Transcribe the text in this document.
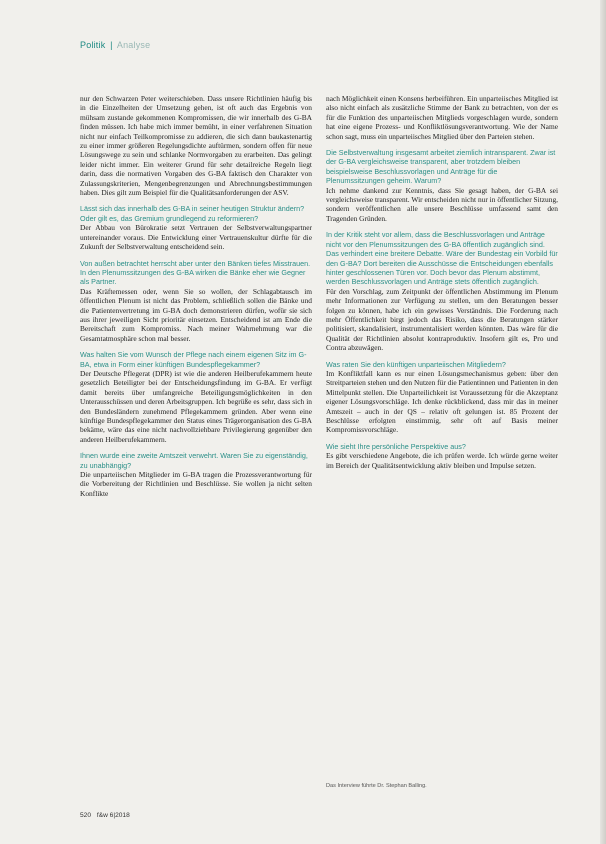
Politik | Analyse

nur den Schwarzen Peter weiterschieben. Dass unsere Richtlinien häufig bis in die Einzelheiten der Umsetzung gehen, ist oft auch das Ergebnis von mühsam zustande gekommenen Kompromissen, die wir innerhalb des G-BA finden müssen. Ich habe mich immer bemüht, in einer verfahrenen Situation nicht nur einfach Teilkompromisse zu addieren, die sich dann baukastenartig zu einer immer größeren Regelungsdichte auftürmen, sondern offen für neue Lösungswege zu sein und schlanke Normvorgaben zu erarbeiten. Das gelingt leider nicht immer. Ein weiterer Grund für sehr detailreiche Regeln liegt darin, dass die normativen Vorgaben des G-BA faktisch den Charakter von Zulassungskriterien, Mengenbegrenzungen und Abrechnungsbestimmungen haben. Dies gilt zum Beispiel für die Qualitätsanforderungen der ASV.

Lässt sich das innerhalb des G-BA in seiner heutigen Struktur ändern? Oder gilt es, das Gremium grundlegend zu reformieren?

Der Abbau von Bürokratie setzt Vertrauen der Selbstverwaltungspartner untereinander voraus. Die Entwicklung einer Vertrauenskultur dürfte für die Zukunft der Selbstverwaltung entscheidend sein.

Von außen betrachtet herrscht aber unter den Bänken tiefes Misstrauen. In den Plenumssitzungen des G-BA wirken die Bänke eher wie Gegner als Partner.

Das Kräftemessen oder, wenn Sie so wollen, der Schlagabtausch im öffentlichen Plenum ist nicht das Problem, schließlich sollen die Bänke und die Patientenvertretung im G-BA doch demonstrieren dürfen, wofür sie sich aus ihrer jeweiligen Sicht prioritär einsetzen. Entscheidend ist am Ende die Bereitschaft zum Kompromiss. Nach meiner Wahrnehmung war die Gesamtatmosphäre schon mal besser.

Was halten Sie vom Wunsch der Pflege nach einem eigenen Sitz im G-BA, etwa in Form einer künftigen Bundespflegekammer?

Der Deutsche Pflegerat (DPR) ist wie die anderen Heilberufekammern heute gesetzlich Beteiligter bei der Entscheidungsfindung im G-BA. Er verfügt damit bereits über umfangreiche Beteiligungsmöglichkeiten in den Unterausschüssen und deren Arbeitsgruppen. Ich begrüße es sehr, dass sich in den Bundesländern zunehmend Pflegekammern gründen. Aber wenn eine künftige Bundespflegekammer den Status eines Trägerorganisation des G-BA bekäme, wäre das eine nicht nachvollziehbare Privilegierung gegenüber den anderen Heilberufekammern.

Ihnen wurde eine zweite Amtszeit verwehrt. Waren Sie zu eigenständig, zu unabhängig?

Die unparteiischen Mitglieder im G-BA tragen die Prozessverantwortung für die Vorbereitung der Richtlinien und Beschlüsse. Sie wollen ja nicht selten Konflikte

nach Möglichkeit einen Konsens herbeiführen. Ein unparteiisches Mitglied ist also nicht einfach als zusätzliche Stimme der Bank zu betrachten, von der es für die Funktion des unparteiischen Mitglieds vorgeschlagen wurde, sondern hat eine eigene Prozess- und Konfliktlösungsverantwortung. Wie der Name schon sagt, muss ein unparteiisches Mitglied über den Parteien stehen.

Die Selbstverwaltung insgesamt arbeitet ziemlich intransparent. Zwar ist der G-BA vergleichsweise transparent, aber trotzdem bleiben beispielsweise Beschlussvorlagen und Anträge für die Plenumssitzungen geheim. Warum?

Ich nehme dankend zur Kenntnis, dass Sie gesagt haben, der G-BA sei vergleichsweise transparent. Wir entscheiden nicht nur in öffentlicher Sitzung, sondern veröffentlichen alle unsere Beschlüsse umfassend samt den Tragenden Gründen.

In der Kritik steht vor allem, dass die Beschlussvorlagen und Anträge nicht vor den Plenumssitzungen des G-BA öffentlich zugänglich sind. Das verhindert eine breitere Debatte. Wäre der Bundestag ein Vorbild für den G-BA? Dort bereiten die Ausschüsse die Entscheidungen ebenfalls hinter geschlossenen Türen vor. Doch bevor das Plenum abstimmt, werden Beschlussvorlagen und Anträge stets öffentlich zugänglich.

Für den Vorschlag, zum Zeitpunkt der öffentlichen Abstimmung im Plenum mehr Informationen zur Verfügung zu stellen, um den Beratungen besser folgen zu können, habe ich ein gewisses Verständnis. Die Forderung nach mehr Öffentlichkeit birgt jedoch das Risiko, dass die Beratungen stärker politisiert, skandalisiert, instrumentalisiert werden könnten. Das wäre für die Qualität der Richtlinien absolut kontraproduktiv. Insofern gilt es, Pro und Contra abzuwägen.

Was raten Sie den künftigen unparteiischen Mitgliedern?

Im Konfliktfall kann es nur einen Lösungsmechanismus geben: über den Streitparteien stehen und den Nutzen für die Patientinnen und Patienten in den Mittelpunkt stellen. Die Unparteilichkeit ist Voraussetzung für die Akzeptanz eigener Lösungsvorschläge. Ich denke rückblickend, dass mir das in meiner Amtszeit – auch in der QS – relativ oft gelungen ist. 85 Prozent der Beschlüsse erfolgten einstimmig, sehr oft auf Basis meiner Kompromissvorschläge.

Wie sieht Ihre persönliche Perspektive aus?

Es gibt verschiedene Angebote, die ich prüfen werde. Ich würde gerne weiter im Bereich der Qualitätsentwicklung aktiv bleiben und Impulse setzen.

Das Interview führte Dr. Stephan Balling.
520 f&w 6|2018
